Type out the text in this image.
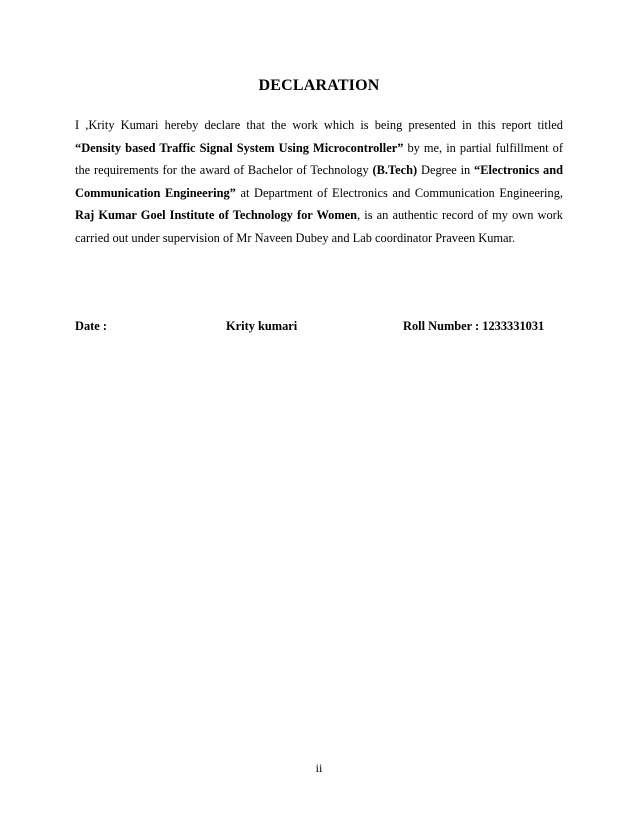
DECLARATION
I ,Krity Kumari hereby declare that the work which is being presented in this report titled “Density based Traffic Signal System Using Microcontroller” by me, in partial fulfillment of the requirements for the award of Bachelor of Technology (B.Tech) Degree in “Electronics and Communication Engineering” at Department of Electronics and Communication Engineering, Raj Kumar Goel Institute of Technology for Women, is an authentic record of my own work carried out under supervision of Mr Naveen Dubey and Lab coordinator Praveen Kumar.
Date :	Krity kumari	Roll Number : 1233331031
ii
